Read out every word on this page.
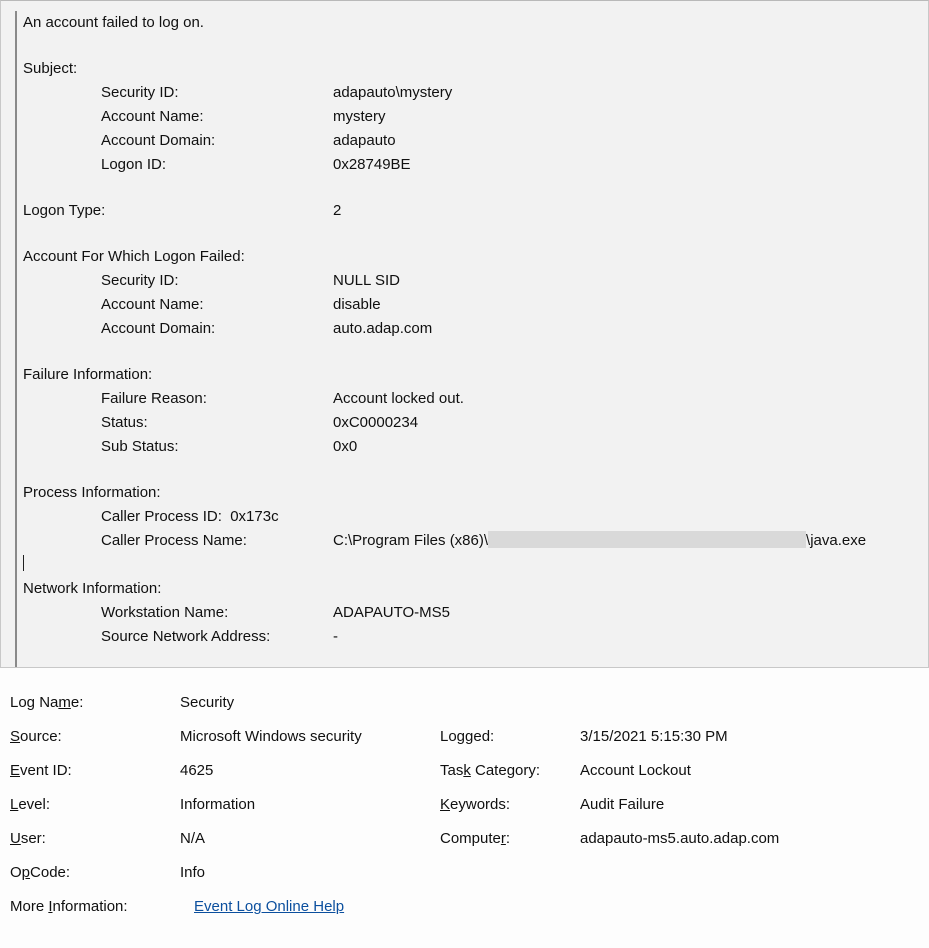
An account failed to log on.

Subject:
Security ID:	adapauto\mystery
Account Name:	mystery
Account Domain:	adapauto
Logon ID:	0x28749BE

Logon Type:	2

Account For Which Logon Failed:
Security ID:	NULL SID
Account Name:	disable
Account Domain:	auto.adap.com

Failure Information:
Failure Reason:	Account locked out.
Status:	0xC0000234
Sub Status:	0x0

Process Information:
Caller Process ID:  0x173c
Caller Process Name:	C:\Program Files (x86)\	\java.exe
Network Information:
Workstation Name:	ADAPAUTO-MS5
Source Network Address:	-
Log Name:	Security
Source:	Microsoft Windows security	Logged:	3/15/2021 5:15:30 PM
Event ID:	4625	Task Category:	Account Lockout
Level:	Information	Keywords:	Audit Failure
User:	N/A	Computer:	adapauto-ms5.auto.adap.com
OpCode:	Info
More Information:	Event Log Online Help
